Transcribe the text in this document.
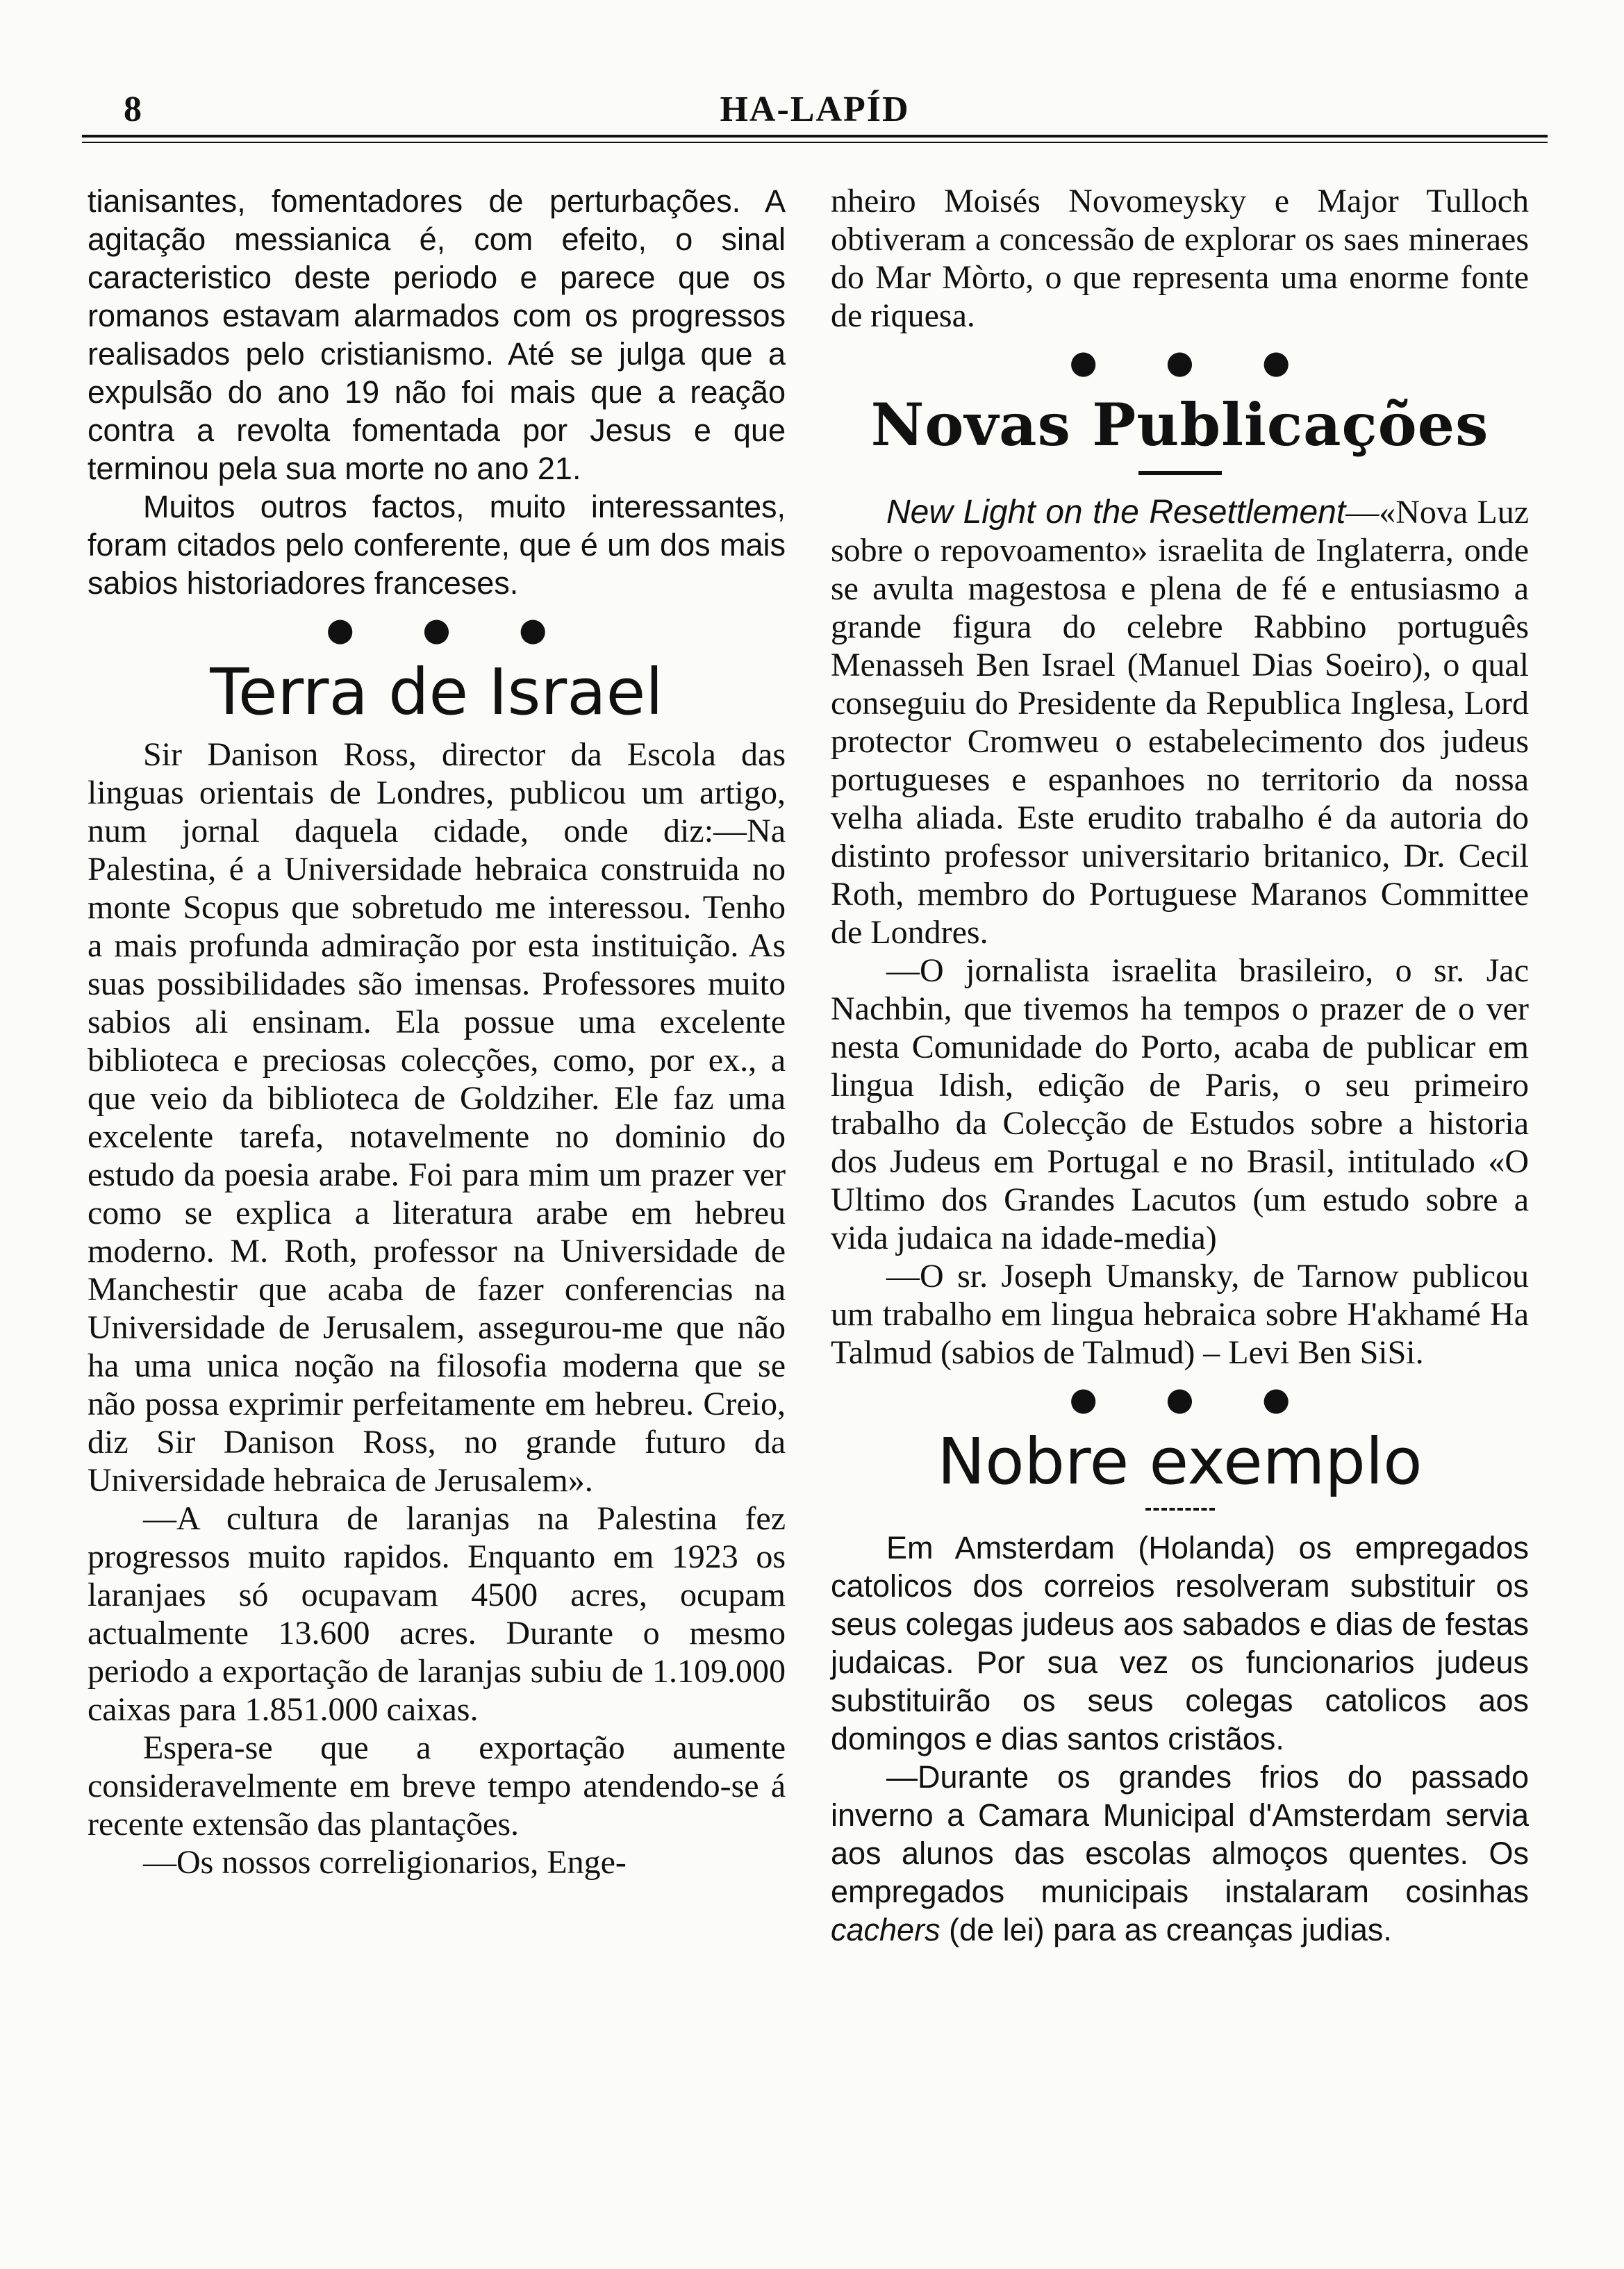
8	HA-LAPÍD

tianisantes, fomentadores de perturbações. A agitação messianica é, com efeito, o sinal caracteristico deste periodo e parece que os romanos estavam alarmados com os progressos realisados pelo cristianismo. Até se julga que a expulsão do ano 19 não foi mais que a reação contra a revolta fomentada por Jesus e que terminou pela sua morte no ano 21.

Muitos outros factos, muito interessantes, foram citados pelo conferente, que é um dos mais sabios historiadores franceses.

● ● ●
Terra de Israel

Sir Danison Ross, director da Escola das linguas orientais de Londres, publicou um artigo, num jornal daquela cidade, onde diz:—Na Palestina, é a Universidade hebraica construida no monte Scopus que sobretudo me interessou. Tenho a mais profunda admiração por esta instituição. As suas possibilidades são imensas. Professores muito sabios ali ensinam. Ela possue uma excelente biblioteca e preciosas colecções, como, por ex., a que veio da biblioteca de Goldziher. Ele faz uma excelente tarefa, notavelmente no dominio do estudo da poesia arabe. Foi para mim um prazer ver como se explica a literatura arabe em hebreu moderno. M. Roth, professor na Universidade de Manchestir que acaba de fazer conferencias na Universidade de Jerusalem, assegurou-me que não ha uma unica noção na filosofia moderna que se não possa exprimir perfeitamente em hebreu. Creio, diz Sir Danison Ross, no grande futuro da Universidade hebraica de Jerusalem».

—A cultura de laranjas na Palestina fez progressos muito rapidos. Enquanto em 1923 os laranjaes só ocupavam 4500 acres, ocupam actualmente 13.600 acres. Durante o mesmo periodo a exportação de laranjas subiu de 1.109.000 caixas para 1.851.000 caixas.

Espera-se que a exportação aumente consideravelmente em breve tempo atendendo-se á recente extensão das plantações.

—Os nossos correligionarios, Enge-

nheiro Moisés Novomeysky e Major Tulloch obtiveram a concessão de explorar os saes mineraes do Mar Mòrto, o que representa uma enorme fonte de riquesa.

● ● ●
Novas Publicações

New Light on the Resettlement—«Nova Luz sobre o repovoamento» israelita de Inglaterra, onde se avulta magestosa e plena de fé e entusiasmo a grande figura do celebre Rabbino português Menasseh Ben Israel (Manuel Dias Soeiro), o qual conseguiu do Presidente da Republica Inglesa, Lord protector Cromweu o estabelecimento dos judeus portugueses e espanhoes no territorio da nossa velha aliada. Este erudito trabalho é da autoria do distinto professor universitario britanico, Dr. Cecil Roth, membro do Portuguese Maranos Committee de Londres.

—O jornalista israelita brasileiro, o sr. Jac Nachbin, que tivemos ha tempos o prazer de o ver nesta Comunidade do Porto, acaba de publicar em lingua Idish, edição de Paris, o seu primeiro trabalho da Colecção de Estudos sobre a historia dos Judeus em Portugal e no Brasil, intitulado «O Ultimo dos Grandes Lacutos (um estudo sobre a vida judaica na idade-media)

—O sr. Joseph Umansky, de Tarnow publicou um trabalho em lingua hebraica sobre H'akhamé Ha Talmud (sabios de Talmud) – Levi Ben SiSi.

● ● ●
Nobre exemplo

Em Amsterdam (Holanda) os empregados catolicos dos correios resolveram substituir os seus colegas judeus aos sabados e dias de festas judaicas. Por sua vez os funcionarios judeus substituirão os seus colegas catolicos aos domingos e dias santos cristãos.

—Durante os grandes frios do passado inverno a Camara Municipal d'Amsterdam servia aos alunos das escolas almoços quentes. Os empregados municipais instalaram cosinhas cachers (de lei) para as creanças judias.
